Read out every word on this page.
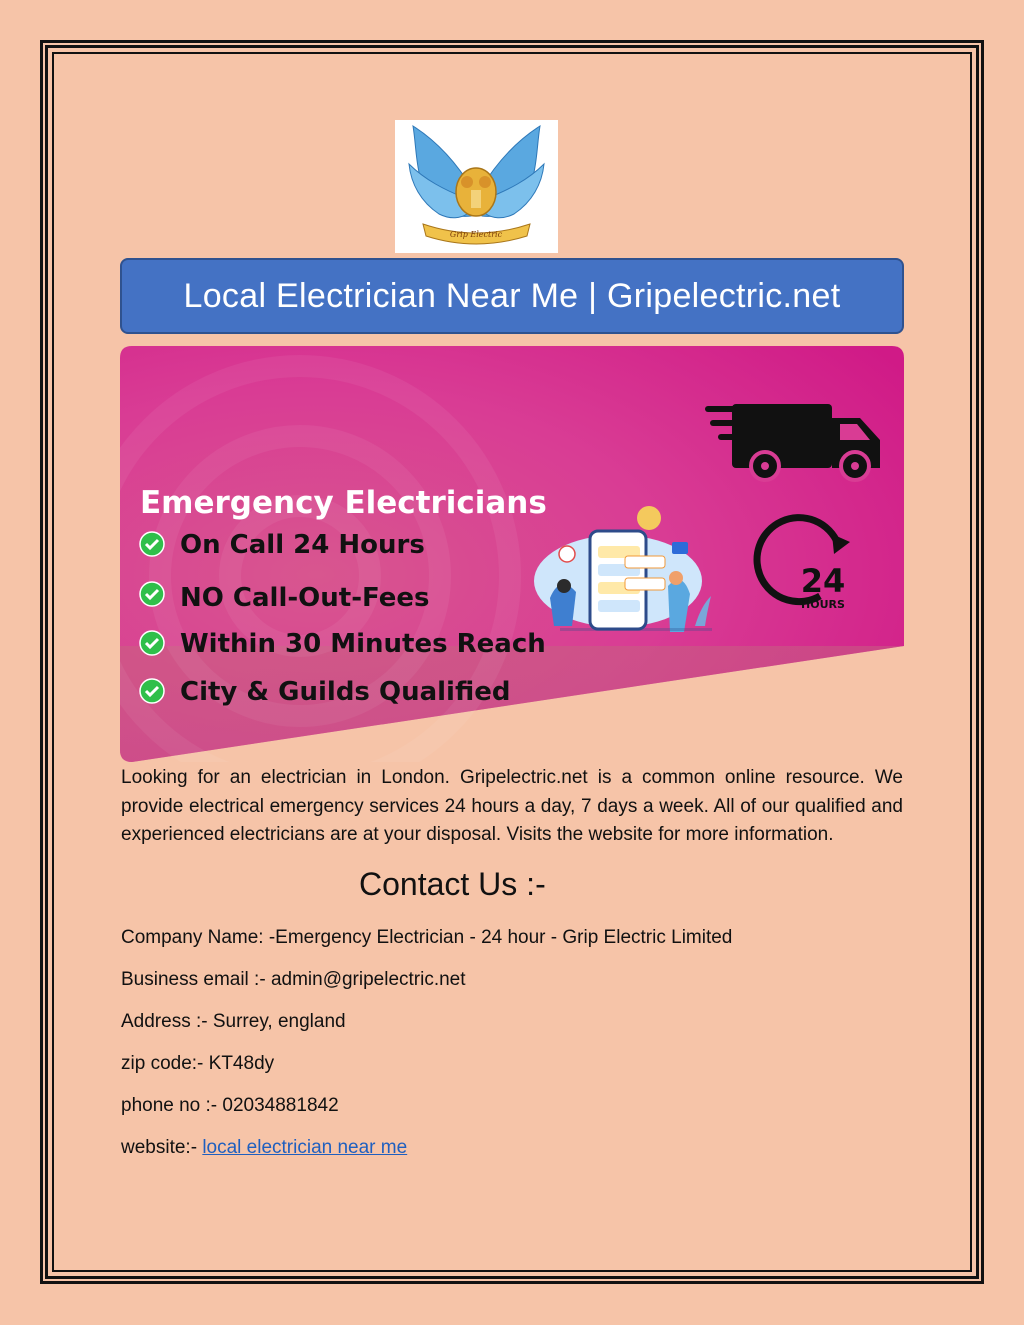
Grip Electric
Local Electrician Near Me | Gripelectric.net
Emergency Electricians
On Call 24 Hours
NO Call-Out-Fees
Within 30 Minutes Reach
City & Guilds Qualified
24
HOURS
Looking for an electrician in London. Gripelectric.net is a common online resource. We provide electrical emergency services 24 hours a day, 7 days a week. All of our qualified and experienced electricians are at your disposal. Visits the website for more information.
Contact Us :-
Company Name: -Emergency Electrician - 24 hour - Grip Electric Limited
Business email :- admin@gripelectric.net
Address :- Surrey, england
zip code:- KT48dy
phone no :- 02034881842
website:- local electrician near me
